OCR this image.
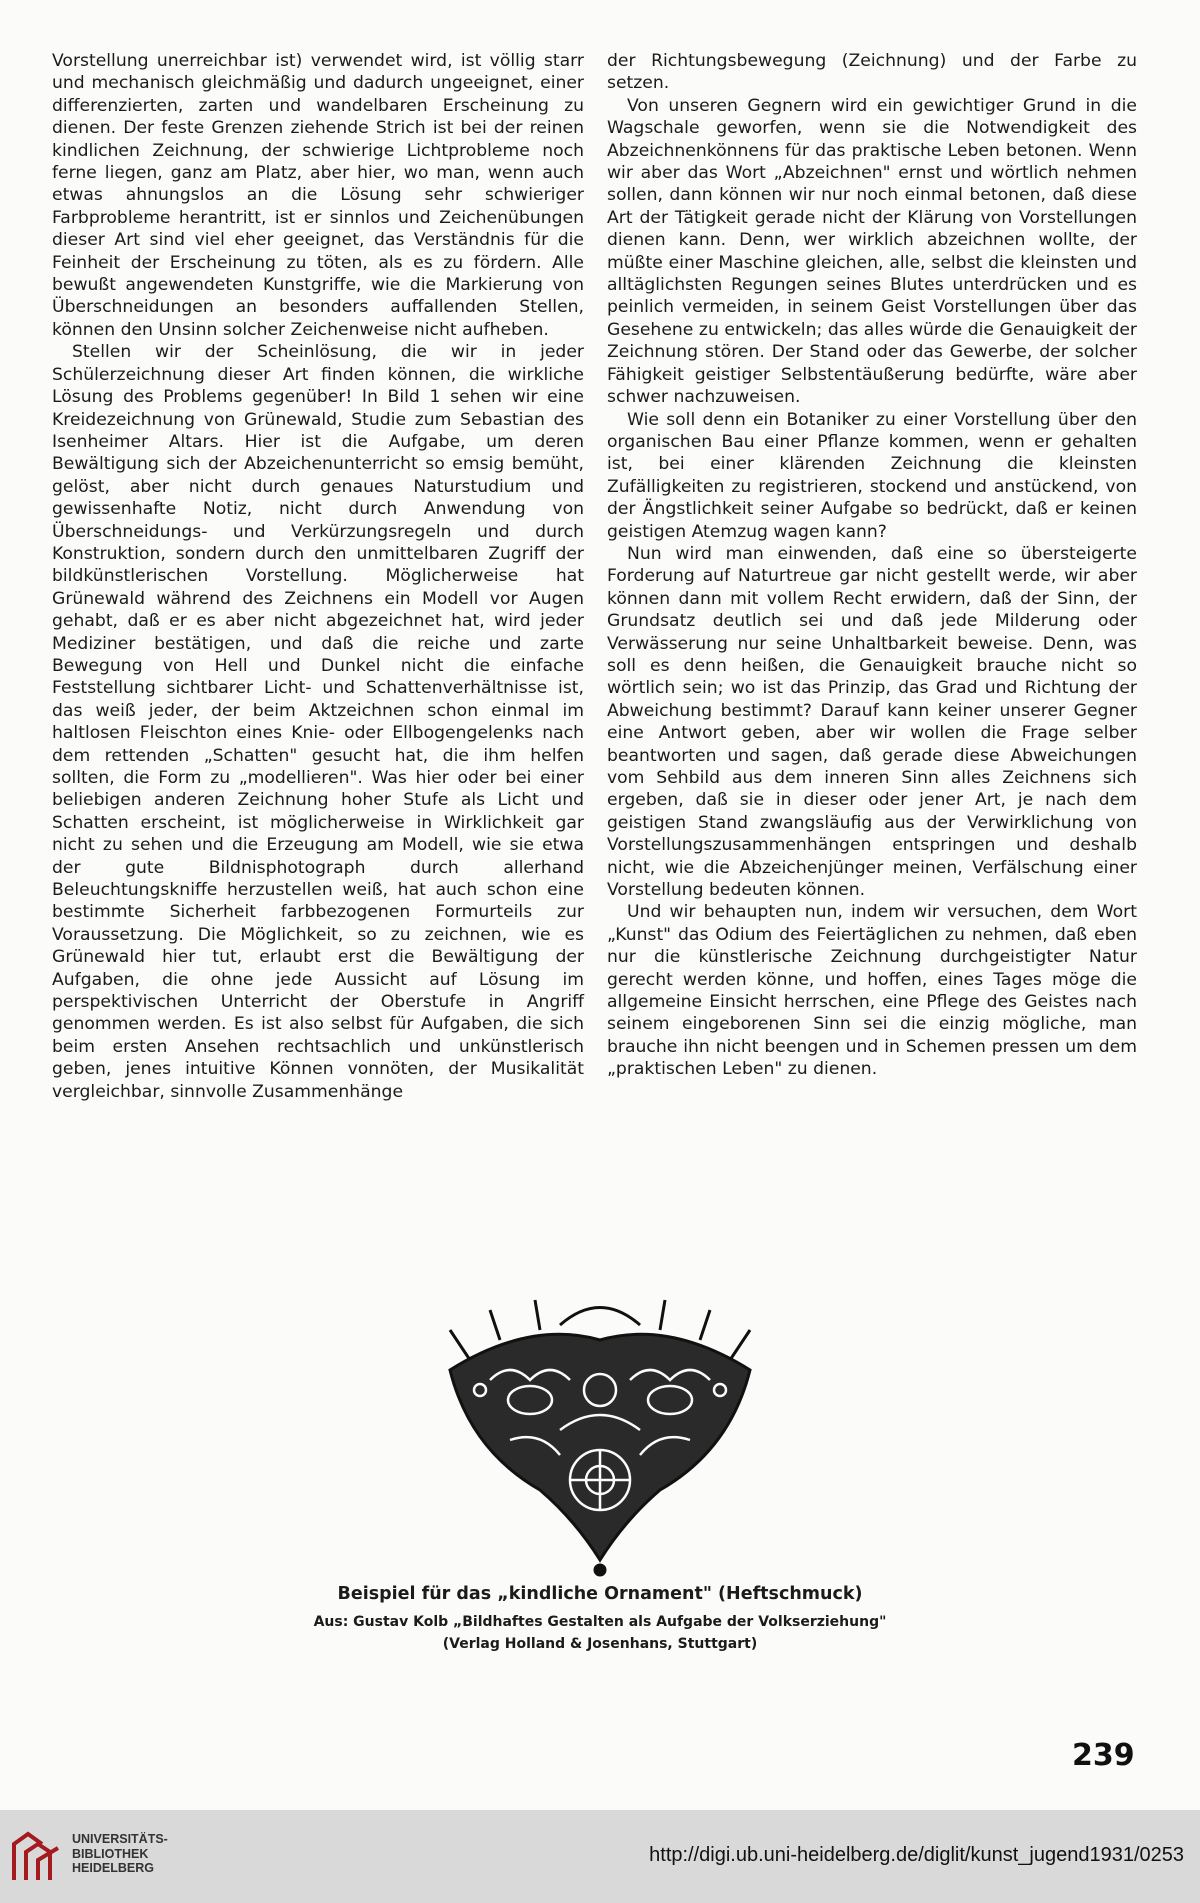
Vorstellung unerreichbar ist) verwendet wird, ist völlig starr und mechanisch gleichmäßig und dadurch ungeeignet, einer differenzierten, zarten und wandelbaren Erscheinung zu dienen. Der feste Grenzen ziehende Strich ist bei der reinen kindlichen Zeichnung, der schwierige Lichtprobleme noch ferne liegen, ganz am Platz, aber hier, wo man, wenn auch etwas ahnungslos an die Lösung sehr schwieriger Farbprobleme herantritt, ist er sinnlos und Zeichenübungen dieser Art sind viel eher geeignet, das Verständnis für die Feinheit der Erscheinung zu töten, als es zu fördern. Alle bewußt angewendeten Kunstgriffe, wie die Markierung von Überschneidungen an besonders auffallenden Stellen, können den Unsinn solcher Zeichenweise nicht aufheben.

Stellen wir der Scheinlösung, die wir in jeder Schülerzeichnung dieser Art finden können, die wirkliche Lösung des Problems gegenüber! In Bild 1 sehen wir eine Kreidezeichnung von Grünewald, Studie zum Sebastian des Isenheimer Altars. Hier ist die Aufgabe, um deren Bewältigung sich der Abzeichenunterricht so emsig bemüht, gelöst, aber nicht durch genaues Naturstudium und gewissenhafte Notiz, nicht durch Anwendung von Überschneidungs- und Verkürzungsregeln und durch Konstruktion, sondern durch den unmittelbaren Zugriff der bildkünstlerischen Vorstellung. Möglicherweise hat Grünewald während des Zeichnens ein Modell vor Augen gehabt, daß er es aber nicht abgezeichnet hat, wird jeder Mediziner bestätigen, und daß die reiche und zarte Bewegung von Hell und Dunkel nicht die einfache Feststellung sichtbarer Licht- und Schattenverhältnisse ist, das weiß jeder, der beim Aktzeichnen schon einmal im haltlosen Fleischton eines Knie- oder Ellbogengelenks nach dem rettenden „Schatten" gesucht hat, die ihm helfen sollten, die Form zu „modellieren". Was hier oder bei einer beliebigen anderen Zeichnung hoher Stufe als Licht und Schatten erscheint, ist möglicherweise in Wirklichkeit gar nicht zu sehen und die Erzeugung am Modell, wie sie etwa der gute Bildnisphotograph durch allerhand Beleuchtungskniffe herzustellen weiß, hat auch schon eine bestimmte Sicherheit farbbezogenen Formurteils zur Voraussetzung. Die Möglichkeit, so zu zeichnen, wie es Grünewald hier tut, erlaubt erst die Bewältigung der Aufgaben, die ohne jede Aussicht auf Lösung im perspektivischen Unterricht der Oberstufe in Angriff genommen werden. Es ist also selbst für Aufgaben, die sich beim ersten Ansehen rechtsachlich und unkünstlerisch geben, jenes intuitive Können vonnöten, der Musikalität vergleichbar, sinnvolle Zusammenhänge

der Richtungsbewegung (Zeichnung) und der Farbe zu setzen.

Von unseren Gegnern wird ein gewichtiger Grund in die Wagschale geworfen, wenn sie die Notwendigkeit des Abzeichnenkönnens für das praktische Leben betonen. Wenn wir aber das Wort „Abzeichnen" ernst und wörtlich nehmen sollen, dann können wir nur noch einmal betonen, daß diese Art der Tätigkeit gerade nicht der Klärung von Vorstellungen dienen kann. Denn, wer wirklich abzeichnen wollte, der müßte einer Maschine gleichen, alle, selbst die kleinsten und alltäglichsten Regungen seines Blutes unterdrücken und es peinlich vermeiden, in seinem Geist Vorstellungen über das Gesehene zu entwickeln; das alles würde die Genauigkeit der Zeichnung stören. Der Stand oder das Gewerbe, der solcher Fähigkeit geistiger Selbstentäußerung bedürfte, wäre aber schwer nachzuweisen.

Wie soll denn ein Botaniker zu einer Vorstellung über den organischen Bau einer Pflanze kommen, wenn er gehalten ist, bei einer klärenden Zeichnung die kleinsten Zufälligkeiten zu registrieren, stockend und anstückend, von der Ängstlichkeit seiner Aufgabe so bedrückt, daß er keinen geistigen Atemzug wagen kann?

Nun wird man einwenden, daß eine so übersteigerte Forderung auf Naturtreue gar nicht gestellt werde, wir aber können dann mit vollem Recht erwidern, daß der Sinn, der Grundsatz deutlich sei und daß jede Milderung oder Verwässerung nur seine Unhaltbarkeit beweise. Denn, was soll es denn heißen, die Genauigkeit brauche nicht so wörtlich sein; wo ist das Prinzip, das Grad und Richtung der Abweichung bestimmt? Darauf kann keiner unserer Gegner eine Antwort geben, aber wir wollen die Frage selber beantworten und sagen, daß gerade diese Abweichungen vom Sehbild aus dem inneren Sinn alles Zeichnens sich ergeben, daß sie in dieser oder jener Art, je nach dem geistigen Stand zwangsläufig aus der Verwirklichung von Vorstellungszusammenhängen entspringen und deshalb nicht, wie die Abzeichenjünger meinen, Verfälschung einer Vorstellung bedeuten können.

Und wir behaupten nun, indem wir versuchen, dem Wort „Kunst" das Odium des Feiertäglichen zu nehmen, daß eben nur die künstlerische Zeichnung durchgeistigter Natur gerecht werden könne, und hoffen, eines Tages möge die allgemeine Einsicht herrschen, eine Pflege des Geistes nach seinem eingeborenen Sinn sei die einzig mögliche, man brauche ihn nicht beengen und in Schemen pressen um dem „praktischen Leben" zu dienen.

Beispiel für das „kindliche Ornament" (Heftschmuck)
Aus: Gustav Kolb „Bildhaftes Gestalten als Aufgabe der Volkserziehung"
(Verlag Holland & Josenhans, Stuttgart)
239
UNIVERSITÄTS-
BIBLIOTHEK
HEIDELBERG
http://digi.ub.uni-heidelberg.de/diglit/kunst_jugend1931/0253
